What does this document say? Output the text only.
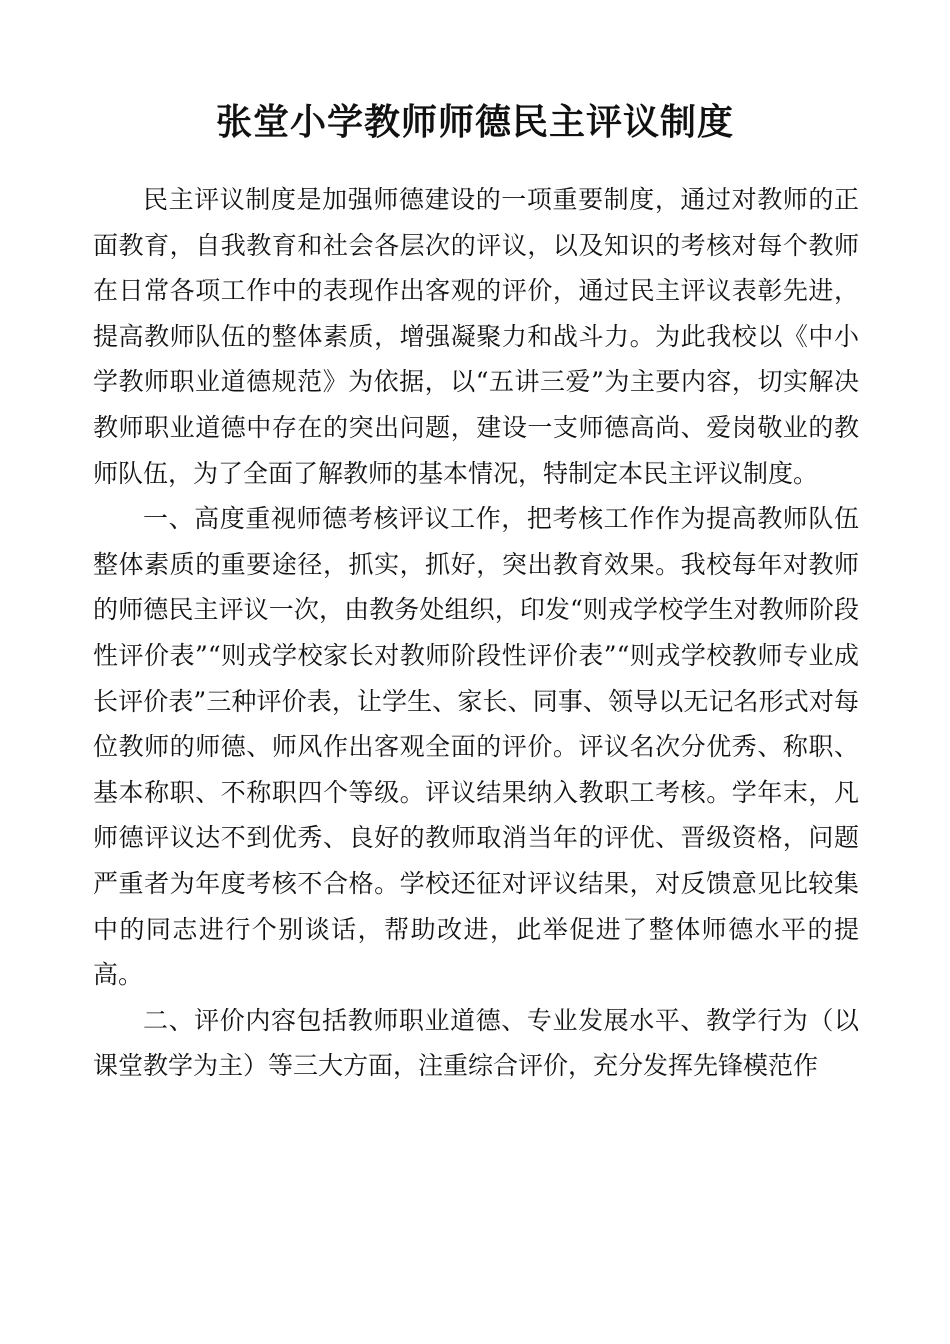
张堂小学教师师德民主评议制度

民主评议制度是加强师德建设的一项重要制度，通过对教师的正面教育，自我教育和社会各层次的评议，以及知识的考核对每个教师在日常各项工作中的表现作出客观的评价，通过民主评议表彰先进，提高教师队伍的整体素质，增强凝聚力和战斗力。为此我校以《中小学教师职业道德规范》为依据，以“五讲三爱”为主要内容，切实解决教师职业道德中存在的突出问题，建设一支师德高尚、爱岗敬业的教师队伍，为了全面了解教师的基本情况，特制定本民主评议制度。

一、高度重视师德考核评议工作，把考核工作作为提高教师队伍整体素质的重要途径，抓实，抓好，突出教育效果。我校每年对教师的师德民主评议一次，由教务处组织，印发“则戎学校学生对教师阶段性评价表”“则戎学校家长对教师阶段性评价表”“则戎学校教师专业成长评价表”三种评价表，让学生、家长、同事、领导以无记名形式对每位教师的师德、师风作出客观全面的评价。评议名次分优秀、称职、基本称职、不称职四个等级。评议结果纳入教职工考核。学年末，凡师德评议达不到优秀、良好的教师取消当年的评优、晋级资格，问题严重者为年度考核不合格。学校还征对评议结果，对反馈意见比较集中的同志进行个别谈话，帮助改进，此举促进了整体师德水平的提高。

二、评价内容包括教师职业道德、专业发展水平、教学行为（以课堂教学为主）等三大方面，注重综合评价，充分发挥先锋模范作
